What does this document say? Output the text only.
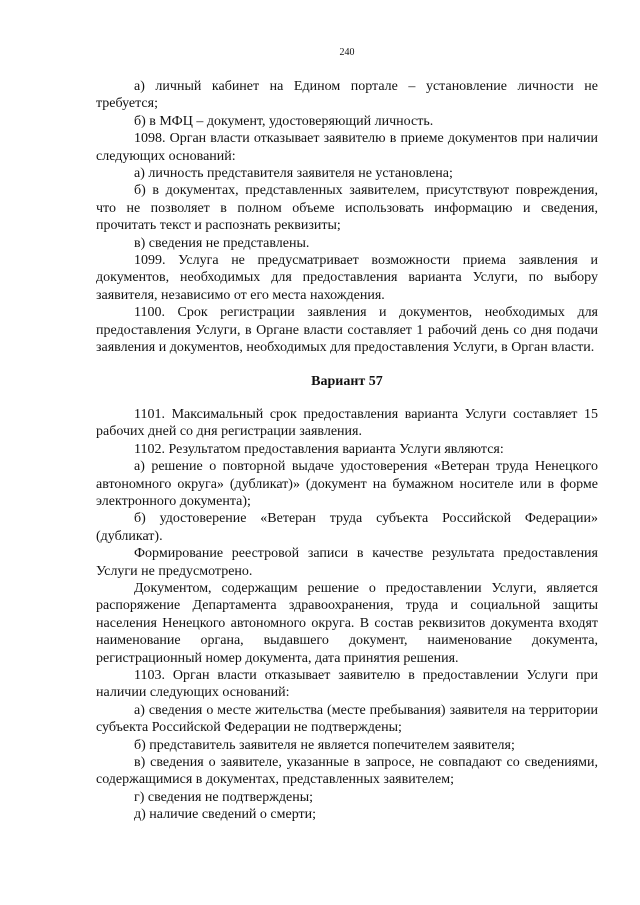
240

а) личный кабинет на Едином портале – установление личности не требуется;

б) в МФЦ – документ, удостоверяющий личность.

1098. Орган власти отказывает заявителю в приеме документов при наличии следующих оснований:

а) личность представителя заявителя не установлена;

б) в документах, представленных заявителем, присутствуют повреждения, что не позволяет в полном объеме использовать информацию и сведения, прочитать текст и распознать реквизиты;

в) сведения не представлены.

1099. Услуга не предусматривает возможности приема заявления и документов, необходимых для предоставления варианта Услуги, по выбору заявителя, независимо от его места нахождения.

1100. Срок регистрации заявления и документов, необходимых для предоставления Услуги, в Органе власти составляет 1 рабочий день со дня подачи заявления и документов, необходимых для предоставления Услуги, в Орган власти.

Вариант 57

1101. Максимальный срок предоставления варианта Услуги составляет 15 рабочих дней со дня регистрации заявления.

1102. Результатом предоставления варианта Услуги являются:

а) решение о повторной выдаче удостоверения «Ветеран труда Ненецкого автономного округа» (дубликат)» (документ на бумажном носителе или в форме электронного документа);

б) удостоверение «Ветеран труда субъекта Российской Федерации» (дубликат).

Формирование реестровой записи в качестве результата предоставления Услуги не предусмотрено.

Документом, содержащим решение о предоставлении Услуги, является распоряжение Департамента здравоохранения, труда и социальной защиты населения Ненецкого автономного округа. В состав реквизитов документа входят наименование органа, выдавшего документ, наименование документа, регистрационный номер документа, дата принятия решения.

1103. Орган власти отказывает заявителю в предоставлении Услуги при наличии следующих оснований:

а) сведения о месте жительства (месте пребывания) заявителя на территории субъекта Российской Федерации не подтверждены;

б) представитель заявителя не является попечителем заявителя;

в) сведения о заявителе, указанные в запросе, не совпадают со сведениями, содержащимися в документах, представленных заявителем;

г) сведения не подтверждены;

д) наличие сведений о смерти;
